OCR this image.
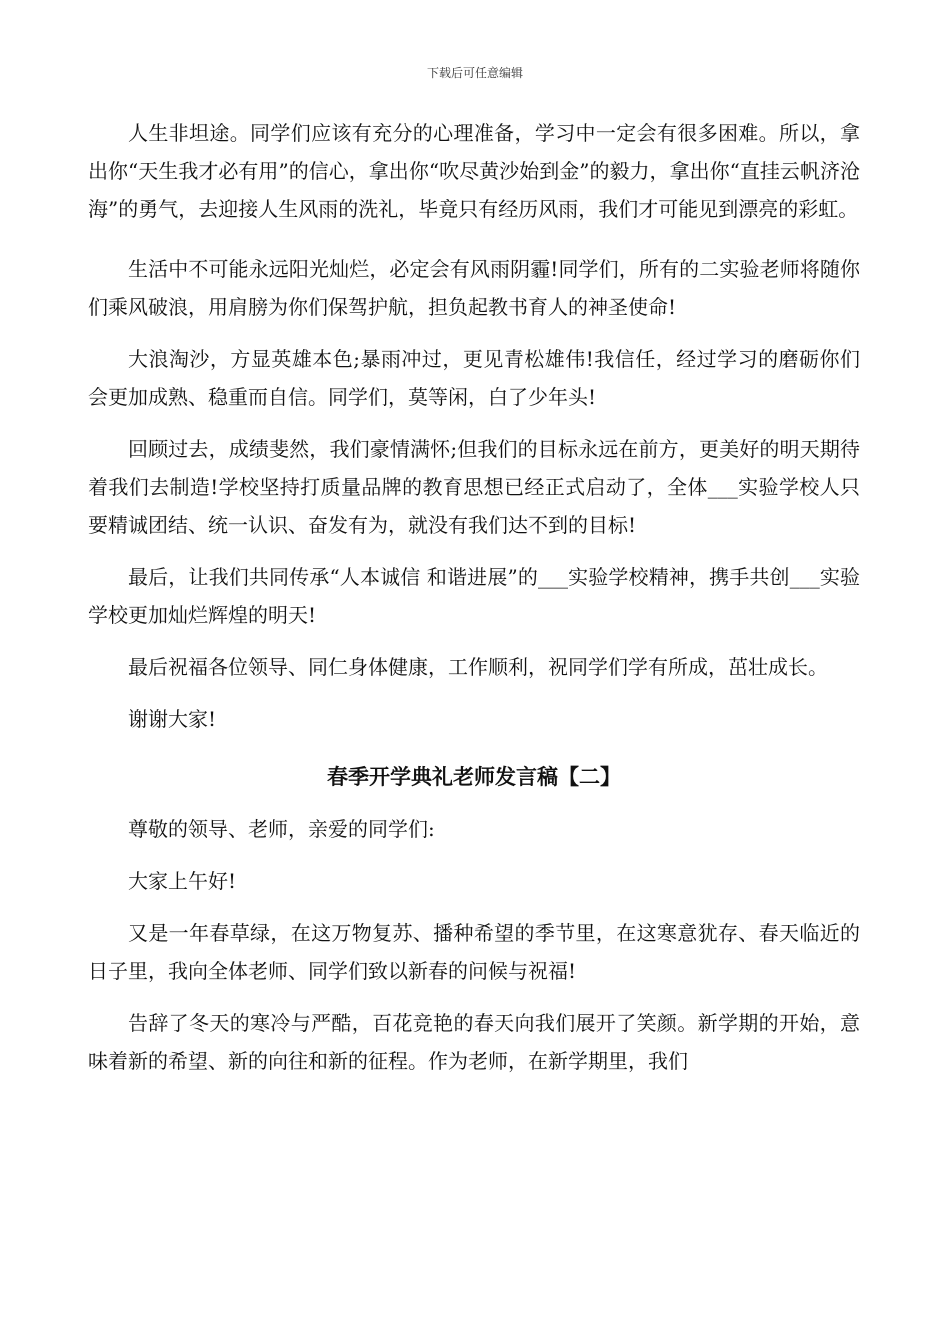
下载后可任意编辑

人生非坦途。同学们应该有充分的心理准备，学习中一定会有很多困难。所以，拿出你“天生我才必有用”的信心，拿出你“吹尽黄沙始到金”的毅力，拿出你“直挂云帆济沧海”的勇气，去迎接人生风雨的洗礼，毕竟只有经历风雨，我们才可能见到漂亮的彩虹。

生活中不可能永远阳光灿烂，必定会有风雨阴霾!同学们，所有的二实验老师将随你们乘风破浪，用肩膀为你们保驾护航，担负起教书育人的神圣使命!

大浪淘沙，方显英雄本色;暴雨冲过，更见青松雄伟!我信任，经过学习的磨砺你们会更加成熟、稳重而自信。同学们，莫等闲，白了少年头!

回顾过去，成绩斐然，我们豪情满怀;但我们的目标永远在前方，更美好的明天期待着我们去制造!学校坚持打质量品牌的教育思想已经正式启动了，全体___实验学校人只要精诚团结、统一认识、奋发有为，就没有我们达不到的目标!

最后，让我们共同传承“人本诚信 和谐进展”的___实验学校精神，携手共创___实验学校更加灿烂辉煌的明天!

最后祝福各位领导、同仁身体健康，工作顺利，祝同学们学有所成，茁壮成长。

谢谢大家!

春季开学典礼老师发言稿【二】

尊敬的领导、老师，亲爱的同学们:

大家上午好!

又是一年春草绿，在这万物复苏、播种希望的季节里，在这寒意犹存、春天临近的日子里，我向全体老师、同学们致以新春的问候与祝福!

告辞了冬天的寒冷与严酷，百花竞艳的春天向我们展开了笑颜。新学期的开始，意味着新的希望、新的向往和新的征程。作为老师，在新学期里，我们
